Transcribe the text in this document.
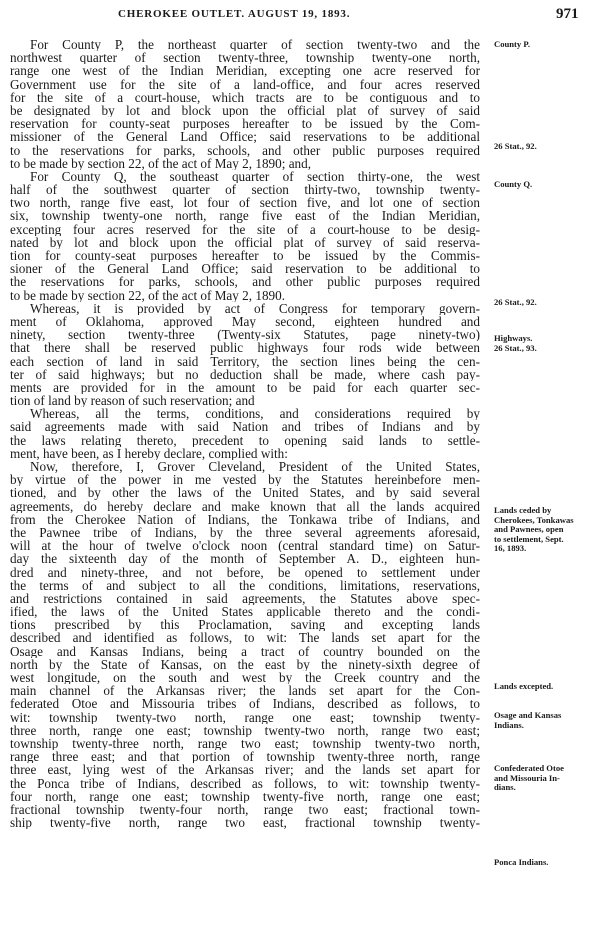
CHEROKEE OUTLET. AUGUST 19, 1893.	971
For County P, the northeast quarter of section twenty-two and the
northwest quarter of section twenty-three, township twenty-one north,
range one west of the Indian Meridian, excepting one acre reserved for
Government use for the site of a land-office, and four acres reserved
for the site of a court-house, which tracts are to be contiguous and to
be designated by lot and block upon the official plat of survey of said
reservation for county-seat purposes hereafter to be issued by the Com-
missioner of the General Land Office; said reservations to be additional
to the reservations for parks, schools, and other public purposes required
to be made by section 22, of the act of May 2, 1890; and,
For County Q, the southeast quarter of section thirty-one, the west
half of the southwest quarter of section thirty-two, township twenty-
two north, range five east, lot four of section five, and lot one of section
six, township twenty-one north, range five east of the Indian Meridian,
excepting four acres reserved for the site of a court-house to be desig-
nated by lot and block upon the official plat of survey of said reserva-
tion for county-seat purposes hereafter to be issued by the Commis-
sioner of the General Land Office; said reservation to be additional to
the reservations for parks, schools, and other public purposes required
to be made by section 22, of the act of May 2, 1890.
Whereas, it is provided by act of Congress for temporary govern-
ment of Oklahoma, approved May second, eighteen hundred and
ninety, section twenty-three (Twenty-six Statutes, page ninety-two)
that there shall be reserved public highways four rods wide between
each section of land in said Territory, the section lines being the cen-
ter of said highways; but no deduction shall be made, where cash pay-
ments are provided for in the amount to be paid for each quarter sec-
tion of land by reason of such reservation; and
Whereas, all the terms, conditions, and considerations required by
said agreements made with said Nation and tribes of Indians and by
the laws relating thereto, precedent to opening said lands to settle-
ment, have been, as I hereby declare, complied with:
Now, therefore, I, Grover Cleveland, President of the United States,
by virtue of the power in me vested by the Statutes hereinbefore men-
tioned, and by other the laws of the United States, and by said several
agreements, do hereby declare and make known that all the lands acquired
from the Cherokee Nation of Indians, the Tonkawa tribe of Indians, and
the Pawnee tribe of Indians, by the three several agreements aforesaid,
will at the hour of twelve o'clock noon (central standard time) on Satur-
day the sixteenth day of the month of September A. D., eighteen hun-
dred and ninety-three, and not before, be opened to settlement under
the terms of and subject to all the conditions, limitations, reservations,
and restrictions contained in said agreements, the Statutes above spec-
ified, the laws of the United States applicable thereto and the condi-
tions prescribed by this Proclamation, saving and excepting lands
described and identified as follows, to wit: The lands set apart for the
Osage and Kansas Indians, being a tract of country bounded on the
north by the State of Kansas, on the east by the ninety-sixth degree of
west longitude, on the south and west by the Creek country and the
main channel of the Arkansas river; the lands set apart for the Con-
federated Otoe and Missouria tribes of Indians, described as follows, to
wit: township twenty-two north, range one east; township twenty-
three north, range one east; township twenty-two north, range two east;
township twenty-three north, range two east; township twenty-two north,
range three east; and that portion of township twenty-three north, range
three east, lying west of the Arkansas river; and the lands set apart for
the Ponca tribe of Indians, described as follows, to wit: township twenty-
four north, range one east; township twenty-five north, range one east;
fractional township twenty-four north, range two east; fractional town-
ship twenty-five north, range two east, fractional township twenty-
County P.
26 Stat., 92.
County Q.
26 Stat., 92.
Highways.
26 Stat., 93.
Lands ceded by
Cherokees, Tonkawas
and Pawnees, open
to settlement, Sept.
16, 1893.
Lands excepted.
Osage and Kansas
Indians.
Confederated Otoe
and Missouria In-
dians.
Ponca Indians.
